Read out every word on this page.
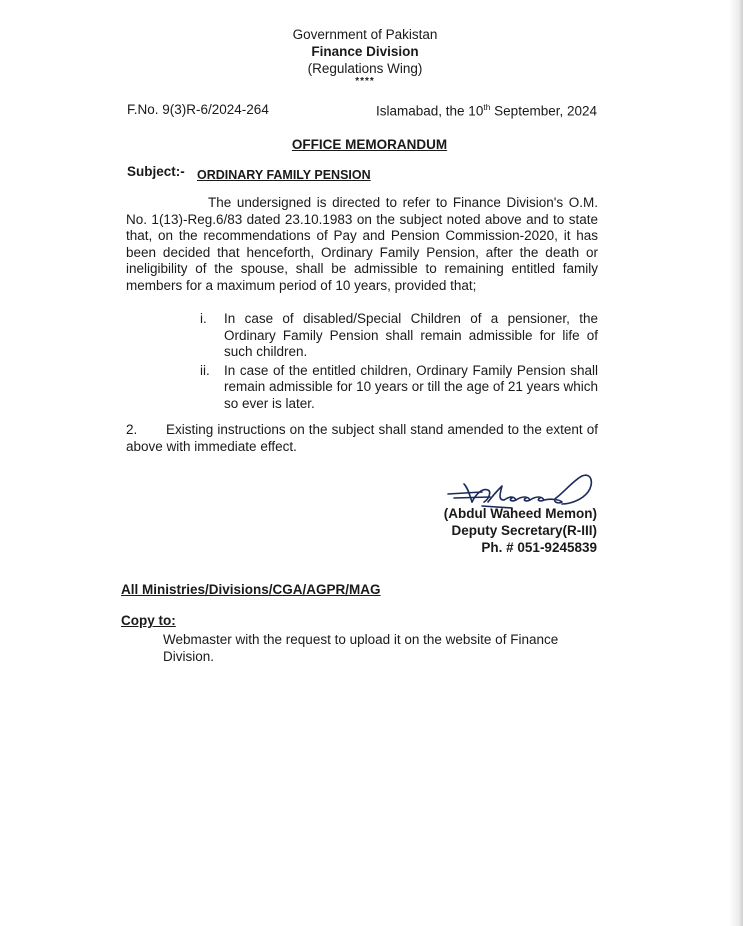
Government of Pakistan
Finance Division
(Regulations Wing)
****
F.No. 9(3)R-6/2024-264	Islamabad, the 10th September, 2024
OFFICE MEMORANDUM
Subject:- ORDINARY FAMILY PENSION
The undersigned is directed to refer to Finance Division's O.M. No. 1(13)-Reg.6/83 dated 23.10.1983 on the subject noted above and to state that, on the recommendations of Pay and Pension Commission-2020, it has been decided that henceforth, Ordinary Family Pension, after the death or ineligibility of the spouse, shall be admissible to remaining entitled family members for a maximum period of 10 years, provided that;
i. In case of disabled/Special Children of a pensioner, the Ordinary Family Pension shall remain admissible for life of such children.
ii. In case of the entitled children, Ordinary Family Pension shall remain admissible for 10 years or till the age of 21 years which so ever is later.
2. Existing instructions on the subject shall stand amended to the extent of above with immediate effect.
(Abdul Waheed Memon)
Deputy Secretary(R-III)
Ph. # 051-9245839
All Ministries/Divisions/CGA/AGPR/MAG
Copy to:
Webmaster with the request to upload it on the website of Finance Division.
